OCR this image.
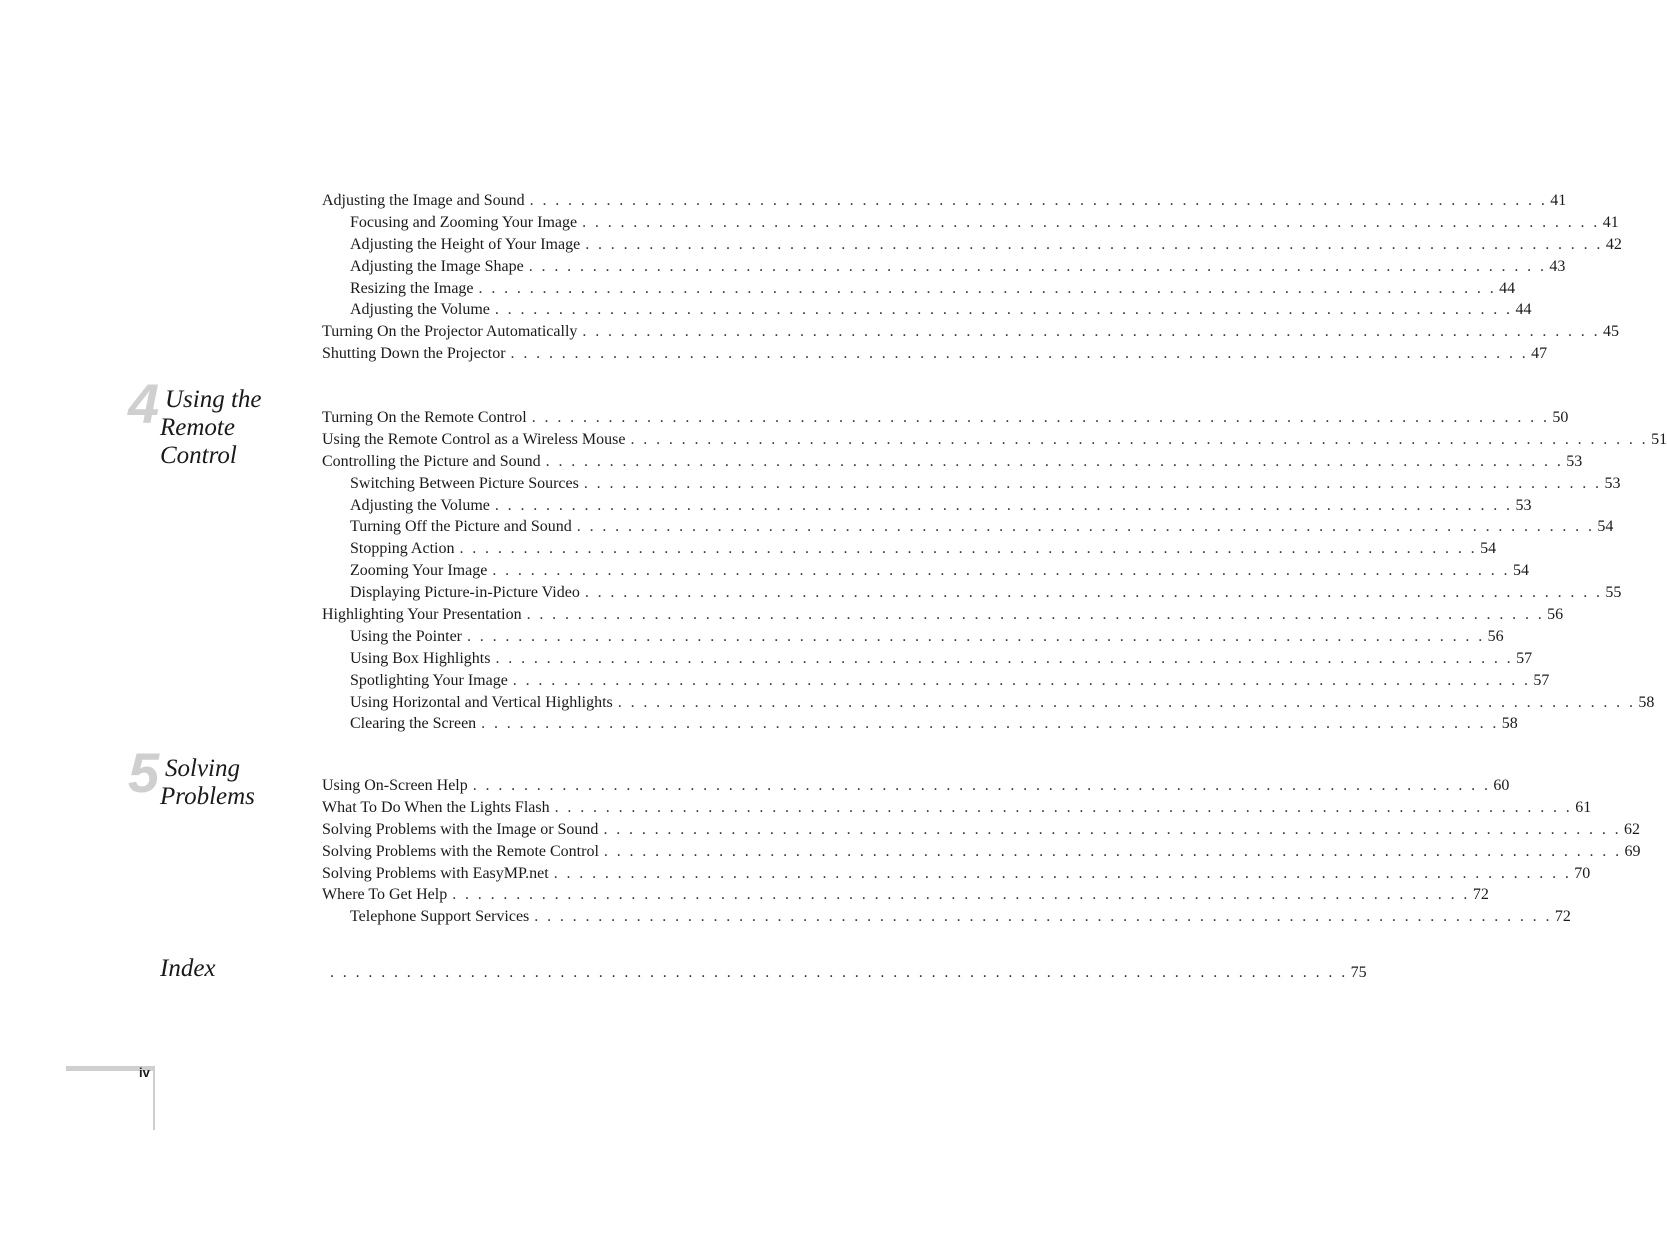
Adjusting the Image and Sound . . . . . . . . . . . . . . . . . . . . . . . . . . . . . . . . . . . . . . . . . . . . . . . . . . . . . . . . . . . . . . . . . . . . . . . . . . . . . . . . 41
Focusing and Zooming Your Image . . . . . . . . . . . . . . . . . . . . . . . . . . . . . . . . . . . . . . . . . . . . . . . . . . . . . . . . . . . . . . . . . . . . . . . . . . . . . . . . 41
Adjusting the Height of Your Image . . . . . . . . . . . . . . . . . . . . . . . . . . . . . . . . . . . . . . . . . . . . . . . . . . . . . . . . . . . . . . . . . . . . . . . . . . . . . . . . 42
Adjusting the Image Shape . . . . . . . . . . . . . . . . . . . . . . . . . . . . . . . . . . . . . . . . . . . . . . . . . . . . . . . . . . . . . . . . . . . . . . . . . . . . . . . . 43
Resizing the Image . . . . . . . . . . . . . . . . . . . . . . . . . . . . . . . . . . . . . . . . . . . . . . . . . . . . . . . . . . . . . . . . . . . . . . . . . . . . . . . . 44
Adjusting the Volume . . . . . . . . . . . . . . . . . . . . . . . . . . . . . . . . . . . . . . . . . . . . . . . . . . . . . . . . . . . . . . . . . . . . . . . . . . . . . . . . 44
Turning On the Projector Automatically . . . . . . . . . . . . . . . . . . . . . . . . . . . . . . . . . . . . . . . . . . . . . . . . . . . . . . . . . . . . . . . . . . . . . . . . . . . . . . . . 45
Shutting Down the Projector . . . . . . . . . . . . . . . . . . . . . . . . . . . . . . . . . . . . . . . . . . . . . . . . . . . . . . . . . . . . . . . . . . . . . . . . . . . . . . . . 47
4 Using the
Remote
Control
Turning On the Remote Control . . . . . . . . . . . . . . . . . . . . . . . . . . . . . . . . . . . . . . . . . . . . . . . . . . . . . . . . . . . . . . . . . . . . . . . . . . . . . . . . 50
Using the Remote Control as a Wireless Mouse . . . . . . . . . . . . . . . . . . . . . . . . . . . . . . . . . . . . . . . . . . . . . . . . . . . . . . . . . . . . . . . . . . . . . . . . . . . . . . . . 51
Controlling the Picture and Sound . . . . . . . . . . . . . . . . . . . . . . . . . . . . . . . . . . . . . . . . . . . . . . . . . . . . . . . . . . . . . . . . . . . . . . . . . . . . . . . . 53
Switching Between Picture Sources . . . . . . . . . . . . . . . . . . . . . . . . . . . . . . . . . . . . . . . . . . . . . . . . . . . . . . . . . . . . . . . . . . . . . . . . . . . . . . . . 53
Adjusting the Volume . . . . . . . . . . . . . . . . . . . . . . . . . . . . . . . . . . . . . . . . . . . . . . . . . . . . . . . . . . . . . . . . . . . . . . . . . . . . . . . . 53
Turning Off the Picture and Sound . . . . . . . . . . . . . . . . . . . . . . . . . . . . . . . . . . . . . . . . . . . . . . . . . . . . . . . . . . . . . . . . . . . . . . . . . . . . . . . . 54
Stopping Action . . . . . . . . . . . . . . . . . . . . . . . . . . . . . . . . . . . . . . . . . . . . . . . . . . . . . . . . . . . . . . . . . . . . . . . . . . . . . . . . 54
Zooming Your Image . . . . . . . . . . . . . . . . . . . . . . . . . . . . . . . . . . . . . . . . . . . . . . . . . . . . . . . . . . . . . . . . . . . . . . . . . . . . . . . . 54
Displaying Picture-in-Picture Video . . . . . . . . . . . . . . . . . . . . . . . . . . . . . . . . . . . . . . . . . . . . . . . . . . . . . . . . . . . . . . . . . . . . . . . . . . . . . . . . 55
Highlighting Your Presentation . . . . . . . . . . . . . . . . . . . . . . . . . . . . . . . . . . . . . . . . . . . . . . . . . . . . . . . . . . . . . . . . . . . . . . . . . . . . . . . . 56
Using the Pointer . . . . . . . . . . . . . . . . . . . . . . . . . . . . . . . . . . . . . . . . . . . . . . . . . . . . . . . . . . . . . . . . . . . . . . . . . . . . . . . . 56
Using Box Highlights . . . . . . . . . . . . . . . . . . . . . . . . . . . . . . . . . . . . . . . . . . . . . . . . . . . . . . . . . . . . . . . . . . . . . . . . . . . . . . . . 57
Spotlighting Your Image . . . . . . . . . . . . . . . . . . . . . . . . . . . . . . . . . . . . . . . . . . . . . . . . . . . . . . . . . . . . . . . . . . . . . . . . . . . . . . . . 57
Using Horizontal and Vertical Highlights . . . . . . . . . . . . . . . . . . . . . . . . . . . . . . . . . . . . . . . . . . . . . . . . . . . . . . . . . . . . . . . . . . . . . . . . . . . . . . . . 58
Clearing the Screen . . . . . . . . . . . . . . . . . . . . . . . . . . . . . . . . . . . . . . . . . . . . . . . . . . . . . . . . . . . . . . . . . . . . . . . . . . . . . . . . 58
5 Solving
Problems	Using On-Screen Help . . . . . . . . . . . . . . . . . . . . . . . . . . . . . . . . . . . . . . . . . . . . . . . . . . . . . . . . . . . . . . . . . . . . . . . . . . . . . . . . 60
What To Do When the Lights Flash . . . . . . . . . . . . . . . . . . . . . . . . . . . . . . . . . . . . . . . . . . . . . . . . . . . . . . . . . . . . . . . . . . . . . . . . . . . . . . . . 61
Solving Problems with the Image or Sound . . . . . . . . . . . . . . . . . . . . . . . . . . . . . . . . . . . . . . . . . . . . . . . . . . . . . . . . . . . . . . . . . . . . . . . . . . . . . . . . 62
Solving Problems with the Remote Control . . . . . . . . . . . . . . . . . . . . . . . . . . . . . . . . . . . . . . . . . . . . . . . . . . . . . . . . . . . . . . . . . . . . . . . . . . . . . . . . 69
Solving Problems with EasyMP.net . . . . . . . . . . . . . . . . . . . . . . . . . . . . . . . . . . . . . . . . . . . . . . . . . . . . . . . . . . . . . . . . . . . . . . . . . . . . . . . . 70
Where To Get Help . . . . . . . . . . . . . . . . . . . . . . . . . . . . . . . . . . . . . . . . . . . . . . . . . . . . . . . . . . . . . . . . . . . . . . . . . . . . . . . . 72
Telephone Support Services . . . . . . . . . . . . . . . . . . . . . . . . . . . . . . . . . . . . . . . . . . . . . . . . . . . . . . . . . . . . . . . . . . . . . . . . . . . . . . . . 72
Index	. . . . . . . . . . . . . . . . . . . . . . . . . . . . . . . . . . . . . . . . . . . . . . . . . . . . . . . . . . . . . . . . . . . . . . . . . . . . . . . . 75
iv
